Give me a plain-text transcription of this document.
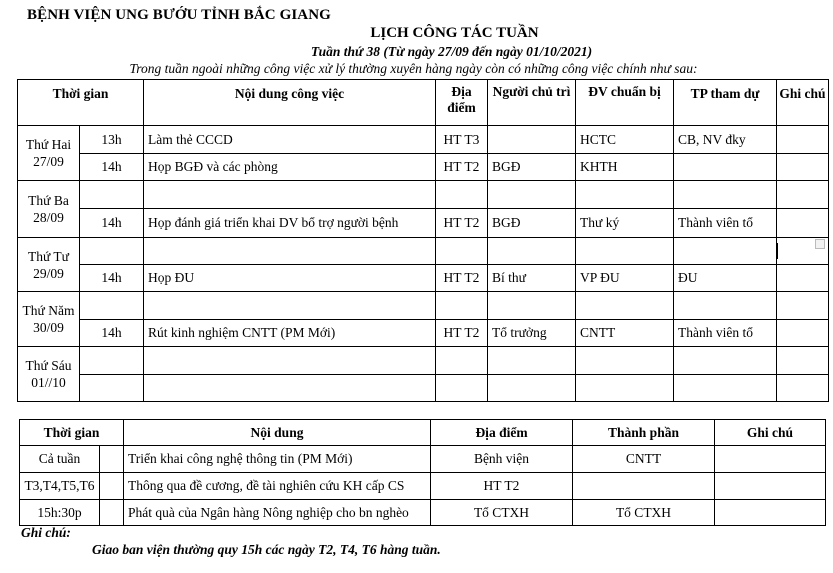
BỆNH VIỆN UNG BƯỚU TỈNH BẮC GIANG
LỊCH CÔNG TÁC TUẦN
Tuần thứ 38 (Từ ngày 27/09 đến ngày 01/10/2021)
Trong tuần ngoài những công việc xử lý thường xuyên hàng ngày còn có những công việc chính như sau:
Thời gian		Nội dung công việc	Địa điểm	Người chủ trì	ĐV chuẩn bị	TP tham dự	Ghi chú
Thứ Hai
27/09	13h	Làm thẻ CCCD	HT T3		HCTC	CB, NV đky	
	14h	Họp BGĐ và các phòng	HT T2	BGĐ	KHTH		
Thứ Ba
28/09							
	14h	Họp đánh giá triển khai DV bổ trợ người bệnh	HT T2	BGĐ	Thư ký	Thành viên tổ	
Thứ Tư
29/09							
	14h	Họp ĐU	HT T2	Bí thư	VP ĐU	ĐU	
Thứ Năm
30/09							
	14h	Rút kinh nghiệm CNTT (PM Mới)	HT T2	Tổ trưởng	CNTT	Thành viên tổ	
Thứ Sáu
01//10							

Thời gian		Nội dung	Địa điểm	Thành phần	Ghi chú
Cả tuần		Triển khai công nghệ thông tin (PM Mới)	Bệnh viện	CNTT	
T3,T4,T5,T6		Thông qua đề cương, đề tài nghiên cứu KH cấp CS	HT T2		
15h:30p		Phát quà của Ngân hàng Nông nghiệp cho bn nghèo	Tổ CTXH	Tổ CTXH	
Ghi chú:
Giao ban viện thường quy 15h các ngày T2, T4, T6 hàng tuần.
